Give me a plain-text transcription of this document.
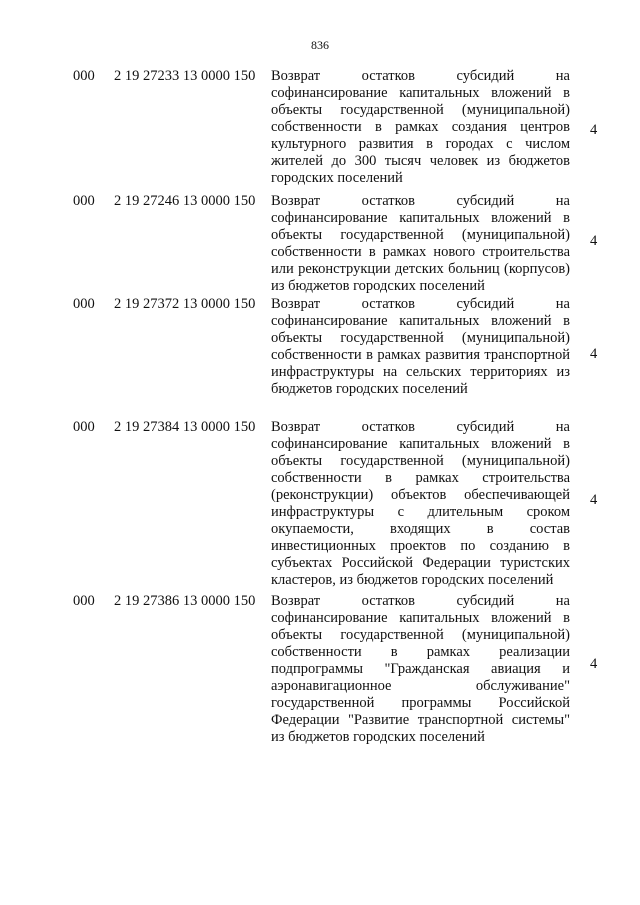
836
000 2 19 27233 13 0000 150 Возврат остатков субсидий на софинансирование капитальных вложений в объекты государственной (муниципальной) собственности в рамках создания центров культурного развития в городах с числом жителей до 300 тысяч человек из бюджетов городских поселений
4
000 2 19 27246 13 0000 150 Возврат остатков субсидий на софинансирование капитальных вложений в объекты государственной (муниципальной) собственности в рамках нового строительства или реконструкции детских больниц (корпусов) из бюджетов городских поселений
4
000 2 19 27372 13 0000 150 Возврат остатков субсидий на софинансирование капитальных вложений в объекты государственной (муниципальной) собственности в рамках развития транспортной инфраструктуры на сельских территориях из бюджетов городских поселений
4
000 2 19 27384 13 0000 150 Возврат остатков субсидий на софинансирование капитальных вложений в объекты государственной (муниципальной) собственности в рамках строительства (реконструкции) объектов обеспечивающей инфраструктуры с длительным сроком окупаемости, входящих в состав инвестиционных проектов по созданию в субъектах Российской Федерации туристских кластеров, из бюджетов городских поселений
4
000 2 19 27386 13 0000 150 Возврат остатков субсидий на софинансирование капитальных вложений в объекты государственной (муниципальной) собственности в рамках реализации подпрограммы "Гражданская авиация и аэронавигационное обслуживание" государственной программы Российской Федерации "Развитие транспортной системы" из бюджетов городских поселений
4
